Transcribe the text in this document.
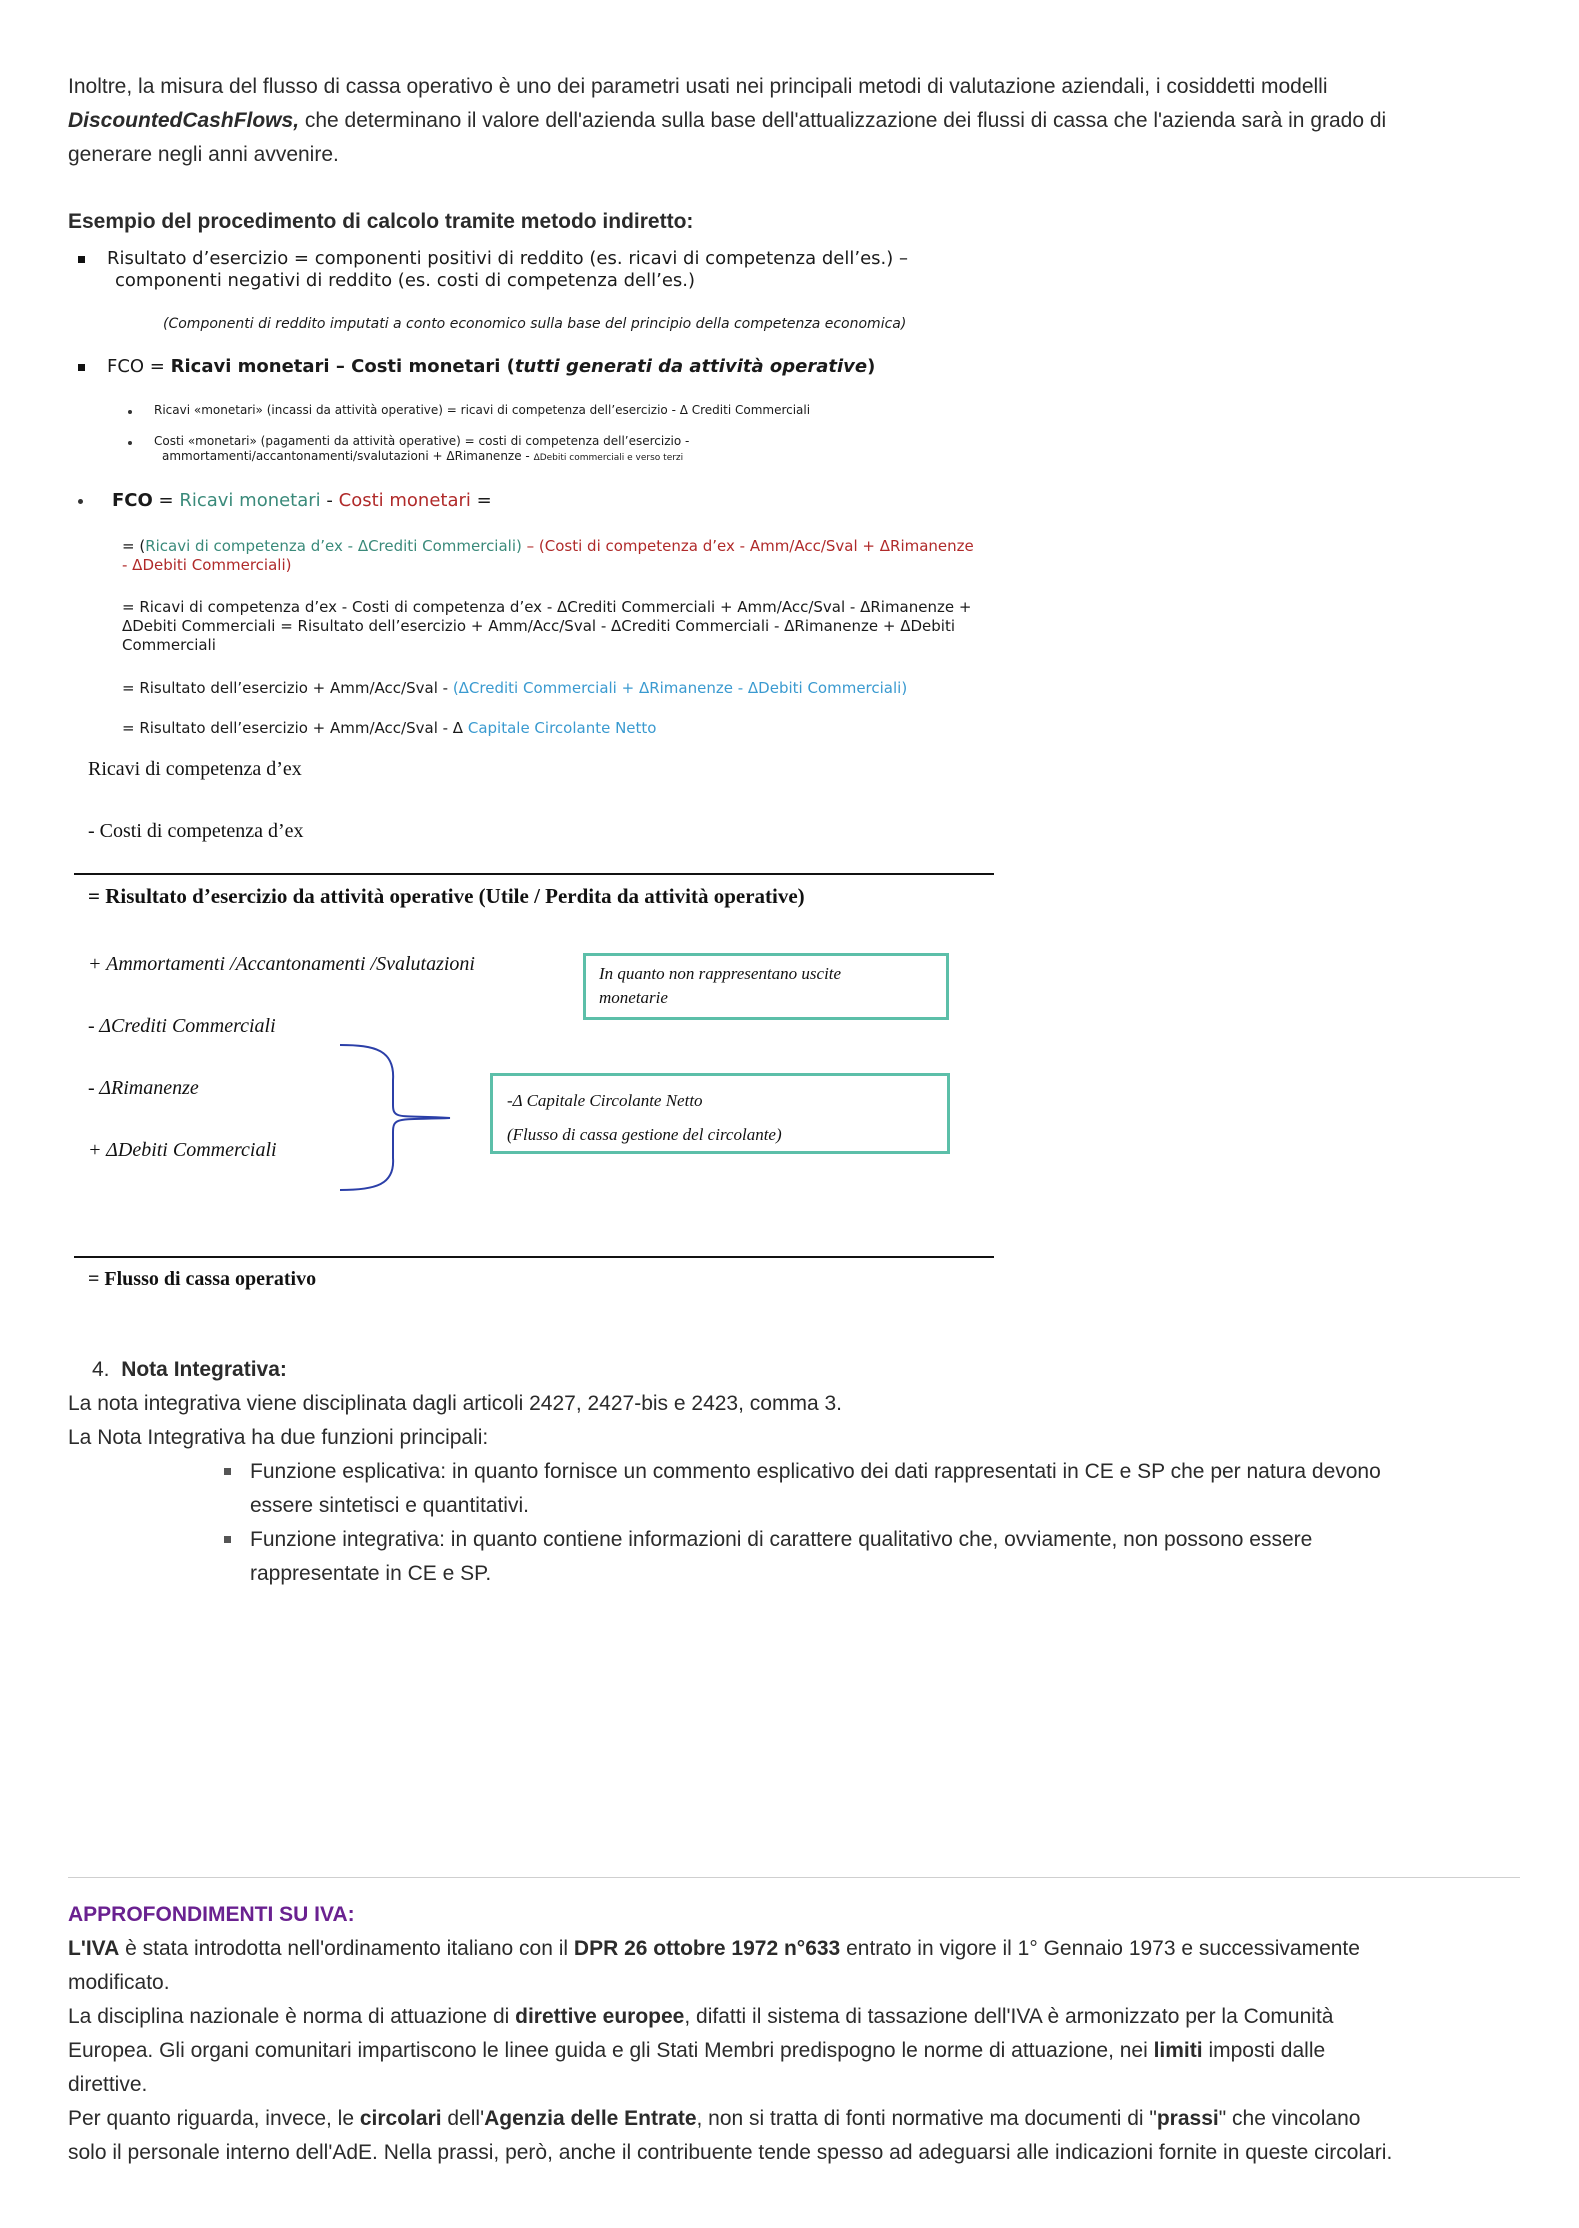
Inoltre, la misura del flusso di cassa operativo è uno dei parametri usati nei principali metodi di valutazione aziendali, i cosiddetti modelli
DiscountedCashFlows, che determinano il valore dell'azienda sulla base dell'attualizzazione dei flussi di cassa che l'azienda sarà in grado di
generare negli anni avvenire.
Esempio del procedimento di calcolo tramite metodo indiretto:
Risultato d’esercizio = componenti positivi di reddito (es. ricavi di competenza dell’es.) –
componenti negativi di reddito (es. costi di competenza dell’es.)
(Componenti di reddito imputati a conto economico sulla base del principio della competenza economica)
FCO = Ricavi monetari – Costi monetari (tutti generati da attività operative)
Ricavi «monetari» (incassi da attività operative) = ricavi di competenza dell’esercizio - Δ Crediti Commerciali
Costi «monetari» (pagamenti da attività operative) = costi di competenza dell’esercizio -
ammortamenti/accantonamenti/svalutazioni + ΔRimanenze - ΔDebiti commerciali e verso terzi
FCO = Ricavi monetari - Costi monetari =
= (Ricavi di competenza d’ex - ΔCrediti Commerciali) – (Costi di competenza d’ex - Amm/Acc/Sval + ΔRimanenze
- ΔDebiti Commerciali)
= Ricavi di competenza d’ex - Costi di competenza d’ex - ΔCrediti Commerciali + Amm/Acc/Sval - ΔRimanenze +
ΔDebiti Commerciali = Risultato dell’esercizio + Amm/Acc/Sval - ΔCrediti Commerciali - ΔRimanenze + ΔDebiti
Commerciali
= Risultato dell’esercizio + Amm/Acc/Sval - (ΔCrediti Commerciali + ΔRimanenze - ΔDebiti Commerciali)
= Risultato dell’esercizio + Amm/Acc/Sval - Δ Capitale Circolante Netto
Ricavi di competenza d’ex
- Costi di competenza d’ex
= Risultato d’esercizio da attività operative (Utile / Perdita da attività operative)
+ Ammortamenti /Accantonamenti /Svalutazioni	In quanto non rappresentano uscite
monetarie
- ΔCrediti Commerciali
- ΔRimanenze
+ ΔDebiti Commerciali
-Δ Capitale Circolante Netto
(Flusso di cassa gestione del circolante)
= Flusso di cassa operativo
4. Nota Integrativa:
La nota integrativa viene disciplinata dagli articoli 2427, 2427-bis e 2423, comma 3.
La Nota Integrativa ha due funzioni principali:
Funzione esplicativa: in quanto fornisce un commento esplicativo dei dati rappresentati in CE e SP che per natura devono
essere sintetisci e quantitativi.
Funzione integrativa: in quanto contiene informazioni di carattere qualitativo che, ovviamente, non possono essere
rappresentate in CE e SP.
APPROFONDIMENTI SU IVA:
L'IVA è stata introdotta nell'ordinamento italiano con il DPR 26 ottobre 1972 n°633 entrato in vigore il 1° Gennaio 1973 e successivamente
modificato.
La disciplina nazionale è norma di attuazione di direttive europee, difatti il sistema di tassazione dell'IVA è armonizzato per la Comunità
Europea. Gli organi comunitari impartiscono le linee guida e gli Stati Membri predispogno le norme di attuazione, nei limiti imposti dalle
direttive.
Per quanto riguarda, invece, le circolari dell'Agenzia delle Entrate, non si tratta di fonti normative ma documenti di "prassi" che vincolano
solo il personale interno dell'AdE. Nella prassi, però, anche il contribuente tende spesso ad adeguarsi alle indicazioni fornite in queste circolari.
